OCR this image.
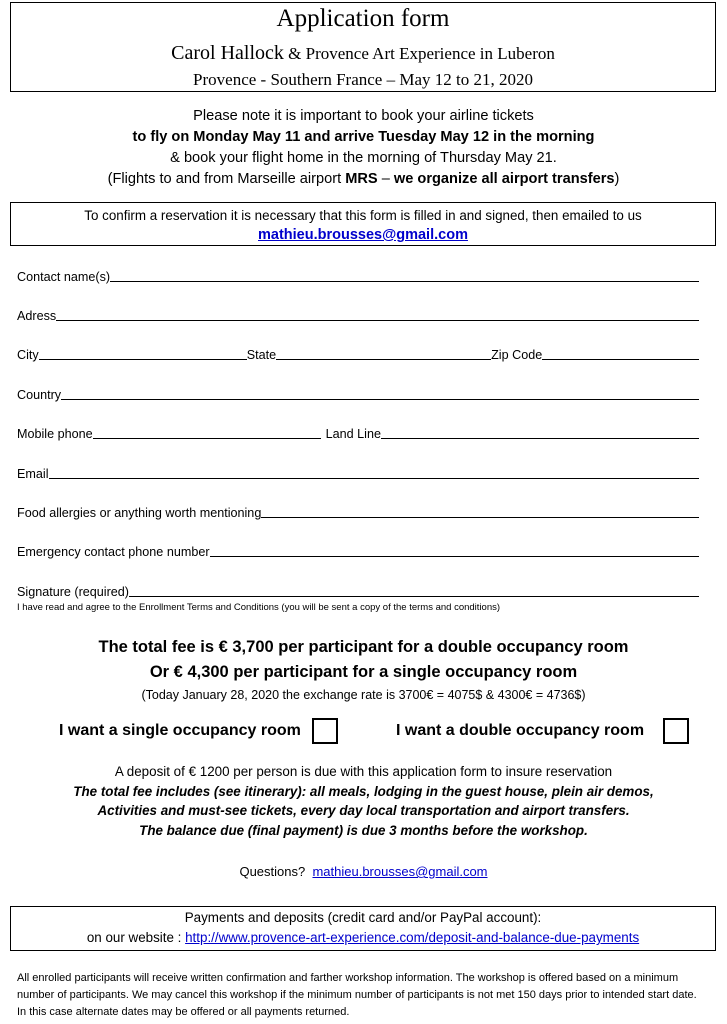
Application form
Carol Hallock & Provence Art Experience in Luberon
Provence - Southern France – May 12 to 21, 2020
Please note it is important to book your airline tickets
to fly on Monday May 11 and arrive Tuesday May 12 in the morning
& book your flight home in the morning of Thursday May 21.
(Flights to and from Marseille airport MRS – we organize all airport transfers)
To confirm a reservation it is necessary that this form is filled in and signed, then emailed to us
mathieu.brousses@gmail.com
Contact name(s)
Adress
City	State	Zip Code
Country
Mobile phone	Land Line
Email
Food allergies or anything worth mentioning
Emergency contact phone number
Signature (required)
I have read and agree to the Enrollment Terms and Conditions (you will be sent a copy of the terms and conditions)
The total fee is € 3,700 per participant for a double occupancy room
Or € 4,300 per participant for a single occupancy room
(Today January 28, 2020 the exchange rate is 3700€ = 4075$ & 4300€ = 4736$)
I want a single occupancy room	I want a double occupancy room
A deposit of € 1200 per person is due with this application form to insure reservation
The total fee includes (see itinerary): all meals, lodging in the guest house, plein air demos,
Activities and must-see tickets, every day local transportation and airport transfers.
The balance due (final payment) is due 3 months before the workshop.
Questions? mathieu.brousses@gmail.com
Payments and deposits (credit card and/or PayPal account):
on our website : http://www.provence-art-experience.com/deposit-and-balance-due-payments
All enrolled participants will receive written confirmation and farther workshop information. The workshop is offered based on a minimum number of participants. We may cancel this workshop if the minimum number of participants is not met 150 days prior to intended start date. In this case alternate dates may be offered or all payments returned.
